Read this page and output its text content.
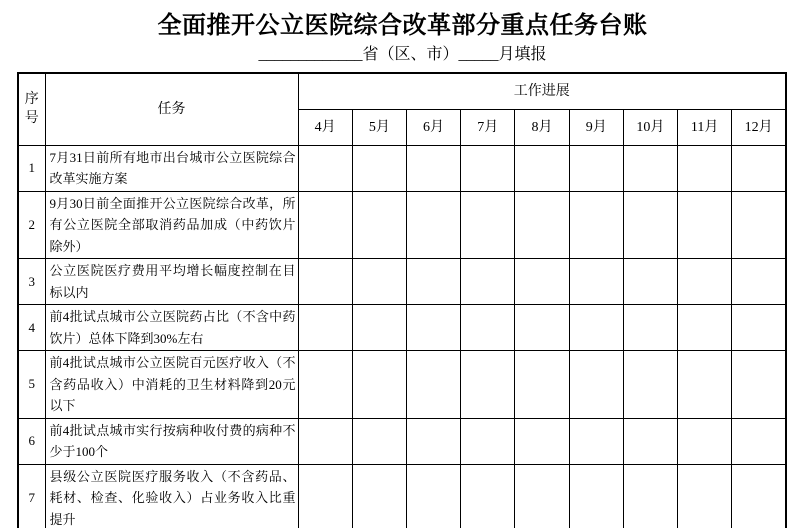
全面推开公立医院综合改革部分重点任务台账
_____________省（区、市）_____月填报
序号	任务	工作进展								
		4月	5月	6月	7月	8月	9月	10月	11月	12月
1	7月31日前所有地市出台城市公立医院综合改革实施方案									
2	9月30日前全面推开公立医院综合改革，所有公立医院全部取消药品加成（中药饮片除外）									
3	公立医院医疗费用平均增长幅度控制在目标以内									
4	前4批试点城市公立医院药占比（不含中药饮片）总体下降到30%左右									
5	前4批试点城市公立医院百元医疗收入（不含药品收入）中消耗的卫生材料降到20元以下									
6	前4批试点城市实行按病种收付费的病种不少于100个									
7	县级公立医院医疗服务收入（不含药品、耗材、检查、化验收入）占业务收入比重提升									
